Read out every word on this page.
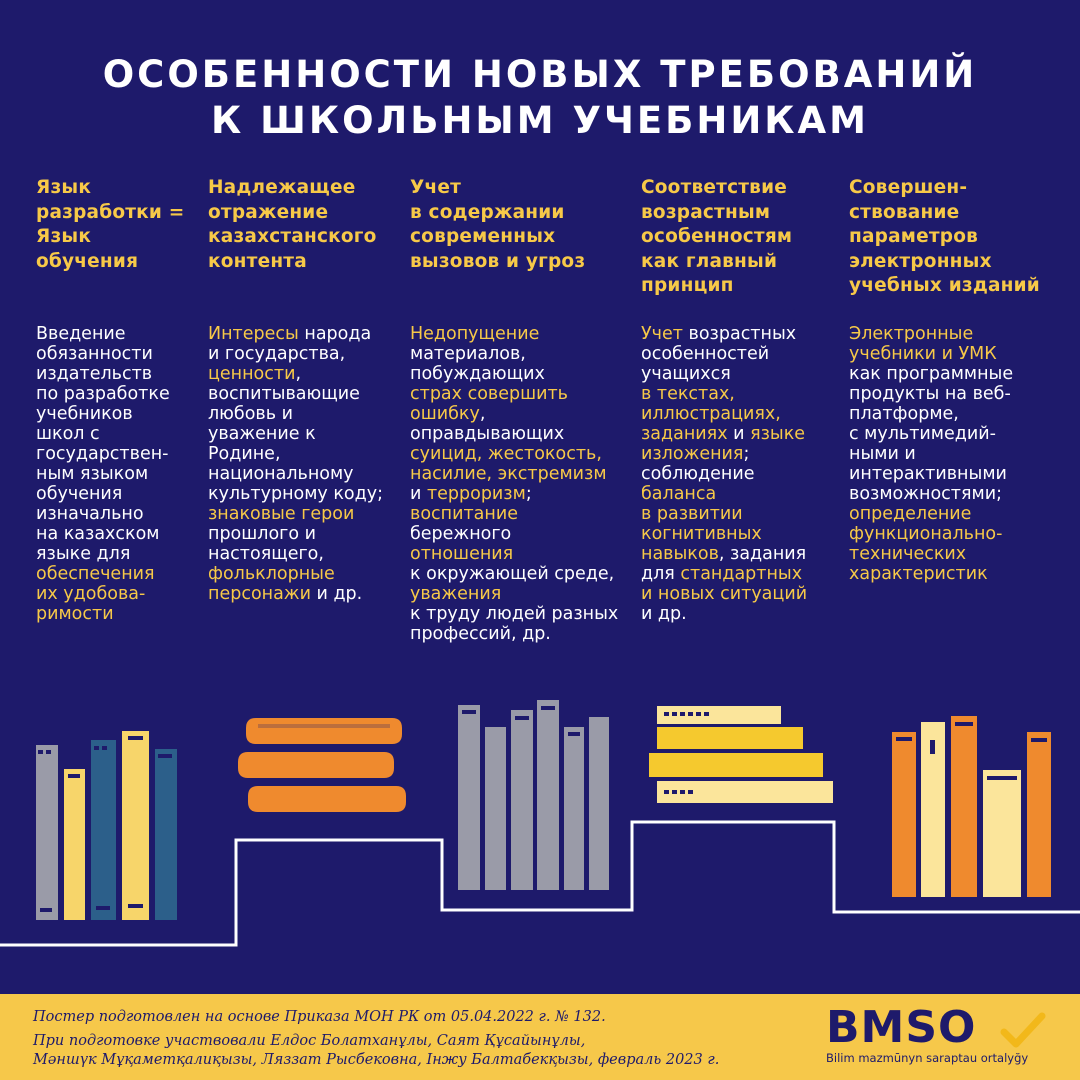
ОСОБЕННОСТИ НОВЫХ ТРЕБОВАНИЙ
К ШКОЛЬНЫМ УЧЕБНИКАМ
Язык
разработки =
Язык
обучения
Введение
обязанности
издательств
по разработке
учебников
школ с
государствен-
ным языком
обучения
изначально
на казахском
языке для
обеспечения
их удобова-
римости
Надлежащее
отражение
казахстанского
контента
Интересы народа
и государства,
ценности,
воспитывающие
любовь и
уважение к
Родине,
национальному
культурному коду;
знаковые герои
прошлого и
настоящего,
фольклорные
персонажи и др.
Учет
в содержании
современных
вызовов и угроз
Недопущение
материалов,
побуждающих
страх совершить
ошибку,
оправдывающих
суицид, жестокость,
насилие, экстремизм
и терроризм;
воспитание
бережного
отношения
к окружающей среде,
уважения
к труду людей разных
профессий, др.
Соответствие
возрастным
особенностям
как главный
принцип
Учет возрастных
особенностей
учащихся
в текстах,
иллюстрациях,
заданиях и языке
изложения;
соблюдение
баланса
в развитии
когнитивных
навыков, задания
для стандартных
и новых ситуаций
и др.
Совершен-
ствование
параметров
электронных
учебных изданий
Электронные
учебники и УМК
как программные
продукты на веб-
платформе,
с мультимедий-
ными и
интерактивными
возможностями;
определение
функционально-
технических
характеристик
Постер подготовлен на основе Приказа МОН РК от 05.04.2022 г. № 132.
При подготовке участвовали Елдос Болатханұлы, Саят Құсайынұлы,
Мәншүк Мұқаметқалиқызы, Ляззат Рысбековна, Інжу Балтабекқызы, февраль 2023 г.
BMSO
Bilim mazmūnyn saraptau ortalyğy
